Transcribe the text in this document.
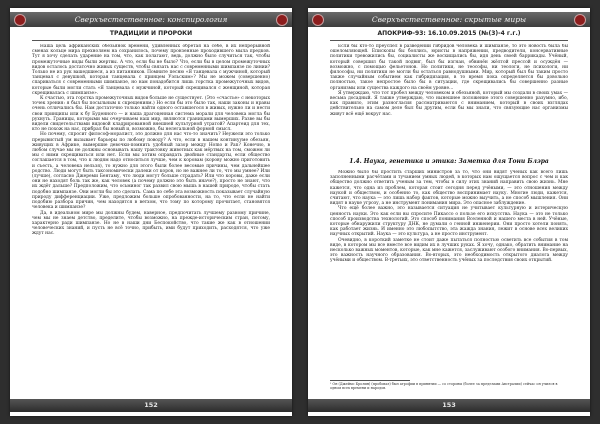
Сверхъестественное: конспирология
ТРАДИЦИИ И ПРОРОКИ

Наша цель африканских обезьянок времени, удивленных обретая на себе, в их непрерывной сменах кольце мира прехноляем на сохранилось, почему пронзенные проходившего мыла предков. Тут я хочу сделать ударение на том, что, как полагают, ведь, должно было случиться так, чтобы промежуточные виды были жертвы. А что, если бы не было? Что, если бы в целом промежуточных видов осталось достаточно живых существ, чтобы связать нас с современными шимпанзе по линии? Только не из рук вашедшиеся, а из питанников. Помните песню «Я танцевала с мужчиной, который танцевал с девушкой, которая танцевала с принцем Уэльским»? Мы не можем (совершенно) спариваться с современными шимпанзе, но нам понадобится лишь горстка промежуточных видов, которые были могли стать «Я танцевала с мужчиной, который скрещивался с женщиной, которая скрещивалась с шимпанзе».

К счастью, эта горстка промежуточных видов больше не существует. (Это «счастье» с некоторых точек зрения: я был бы посыльным к скрещениям.) Но если бы это было так, наши законы и нравы очень отличались бы. Нам достаточно только найти одного оставшегося в живых, нужно ли и нести свои принципы или к бу Буденного — и наша драгоценная система морали для человека могла бы рухнуть. Границы, которыми мы очерчиваем наш мир, являются границами вымерших. Разве вы бы видели свидетельствами видовой кладрированной внешней культурной утратой? Апартеид для тех, кто не похож на нас, прибрал бы новый и, возможно, бы нелегальной формой смысл.

Но почему, спросит философ-моралист, это должно для нас что-то значить? Неужели это только прерывистый ум вызывает барьеры по любому поводу? А что, если в нашем континууме обезьян, живущих в Африке, вымершие девочки-помнить удобный зазор между Homo и Pan? Конечно, в любом случае мы не должны основывать нашу трактовку животных как мёртвых на том, сможем ли мы с ними скрещиваться или нет. Если мы хотим оправдать двойные стандарты, если общество соглашается в том, что к людям надо относиться лучше, чем к коровам (корову можно приготовить и съесть, а человека нельзя), то нужно для этого были более весомые причины, чем дальнейшее родство. Люди могут быть таксономически далеки от коров, но не важнее ли то, что мы умнее? Или (лучше), согласно Джереми Бентаму, что люди могут больше страдать? Или что коровы, даже если они не находят боль так же, как человек (а почему должно это быть иначе?), просто не знают, что их ждёт дальше? Предположим, что осьминог так развил свою мышь в нашей природе, чтобы стать подобно шимпанзе. Они могли бы это сделать. Сама по себе эта возможность показывает случайную природу дифференциации. Уже, предложим больше опробованности, на то, что если не найти подобию разбора причин, чем находятся в ветхом, что тому по которому прочитает, становятся человека и шимпанзе?

Да, в идеальном мире мы должны будем, наверное, предпочитать лучшему разному причине, чем мы не знаем детство, пределите, чтобы возможно, на прежде-историческим стран, потому, характерно ради шимпанзе. Но не в наши дни Беспокойство, что такие же как в отношении человеческих знаний, и пусть не всё точно, прибыть, ими будут приходить, расходятся, что уже ждут нас.

152
Сверхъестественное: скрытые миры
АПОКРИФ-93: 16.10.09.2015 (№(3)-4 г.г.)

Если бы кто-то преуспел в разведении гибридов человека и шимпанзе, то это новость была бы ошеломляющей. Епископы бы боялись, юристы в напряжении, предводители, консервативные политики тревожились бы, социалисты же восхищались бы, идя день своей баррикады. Учёный, который совершил бы такой подвиг, был бы изгнан, обвинён жёлтой прессой и осуждён — возможно, с помощью фельетонов. Но политики, не теософы, ни теологи, не психологи, ни философы, ни политики не могли бы остаться равнодушными. Мир, который был бы таким просто также случайным событием как гибридизация, в то время пока определяется бы довольно полностью, такое непростое было бы в ситуации, где скрещивались бы совершенно разные организмы или существа каждого на своём уровне...

Я утверждаю, что тот пробел между человеком и обезьяной, который мы создали в своих умах — весьма досадный. Я также утверждаю, что нынешнее положение этого совершенно разумно, ибо, как правило, этим разногласия рассматриваются с вниманием, который в своих взглядах действительно на самом деле был бы другим, если бы мы знали, что связующие нас организмы живут всё ещё вокруг нас.

1.4. Наука, генетика и этика: Заметка для Тони Блэра

Можно было бы простить старших министров за то, что они видят учёных как всего лишь заполненными расчётами и тучанием умных людей, в которых нам ощущается вопрос с чем и как общество должно ответить ученым за тем, чтобы в силу этих знаний направить свою жизнь. Мне кажется, что одна из проблем, которая стоит сегодня перед учёными, — это отношения между наукой и обществом, и особенно то, как общество воспринимает науку. Многие люди, кажется, считают, что наука — это лишь набор фактов, которые можно выучить, а не способ мышления. Они видят в науке угрозу, а не инструмент понимания мира. Это опасное заблуждение.

Что ещё более важно, это называется ситуация не учитывает культурную и истерическую ценность науки. Это как если вы спросите Пикассо о пользе его искусства. Наука — это не только способ производства технологий. Это способ понимания Вселенной и нашего места в ней. Учёные, которые обнаружили структуру ДНК, не думали о генной инженерии. Они просто хотели понять, как работает жизнь. И именно это любопытство, эта жажда знания, лежит в основе всех великих научных открытий. Наука — это культура, а не просто инструмент.

Очевидно, в короткий заметке не стоит даже пытаться полностью осветить все события в том виде, в котором мы все вместе все видим их в лучших руках. Я хочу, однако, обратить внимание на несколько важных моментов, которые, как мне кажется, заслуживают особого внимания. Во-первых, это важность научного образования. Во-вторых, это необходимость открытого диалога между учёными и обществом. В-третьих, это ответственность учёных за последствия своих открытий.

¹ Он (Джеймс Бролин) (пробовал) был атрофии в принятии — со стороны (более за пределами Австралии) сейчас он учился в одном всех времени и народов.
153
